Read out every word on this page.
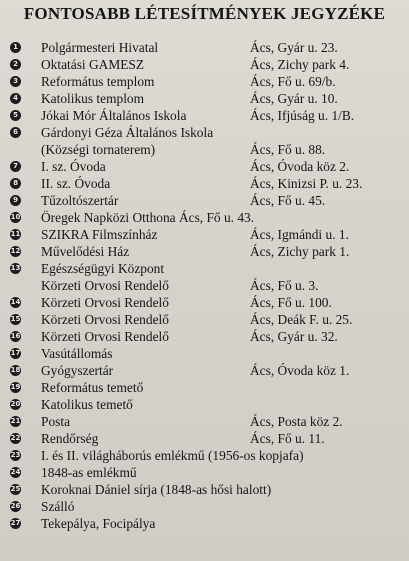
FONTOSABB LÉTESÍTMÉNYEK JEGYZÉKE
1 Polgármesteri Hivatal	Ács, Gyár u. 23.
2 Oktatási GAMESZ	Ács, Zichy park 4.
3 Református templom	Ács, Fő u. 69/b.
4 Katolikus templom	Ács, Gyár u. 10.
5 Jókai Mór Általános Iskola	Ács, Ifjúság u. 1/B.
6 Gárdonyi Géza Általános Iskola
(Községi tornaterem)	Ács, Fő u. 88.
7 I. sz. Óvoda	Ács, Óvoda köz 2.
8 II. sz. Óvoda	Ács, Kinizsi P. u. 23.
9 Tűzoltószertár	Ács, Fő u. 45.
10 Öregek Napközi Otthona Ács, Fő u. 43.
11 SZIKRA Filmszínház	Ács, Igmándi u. 1.
12 Művelődési Ház	Ács, Zichy park 1.
13 Egészségügyi Központ
Körzeti Orvosi Rendelő	Ács, Fő u. 3.
14 Körzeti Orvosi Rendelő	Ács, Fő u. 100.
15 Körzeti Orvosi Rendelő	Ács, Deák F. u. 25.
16 Körzeti Orvosi Rendelő	Ács, Gyár u. 32.
17 Vasútállomás
18 Gyógyszertár	Ács, Óvoda köz 1.
19 Református temető
20 Katolikus temető
21 Posta	Ács, Posta köz 2.
22 Rendőrség	Ács, Fő u. 11.
23 I. és II. világháborús emlékmű (1956-os kopjafa)
24 1848-as emlékmű
25 Koroknai Dániel sírja (1848-as hősi halott)
26 Szálló
27 Tekepálya, Focipálya
